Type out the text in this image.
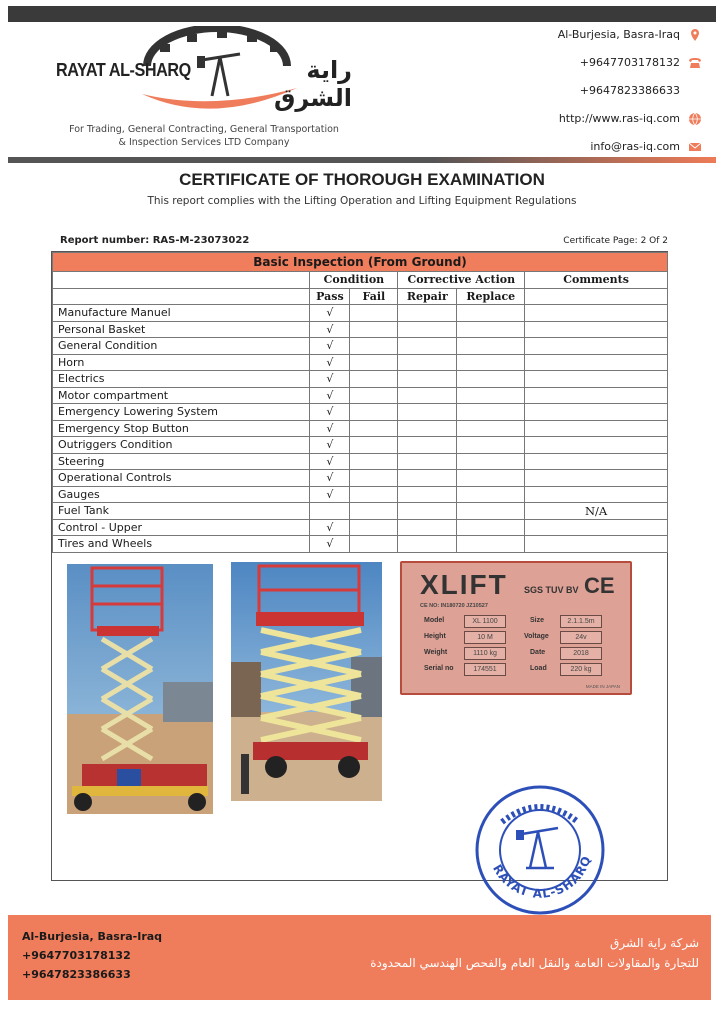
RAYAT AL-SHARQ	راية الشرق
For Trading, General Contracting, General Transportation
& Inspection Services LTD Company
Al-Burjesia, Basra-Iraq
+9647703178132
+9647823386633
http://www.ras-iq.com
info@ras-iq.com
CERTIFICATE OF THOROUGH EXAMINATION
This report complies with the Lifting Operation and Lifting Equipment Regulations
Report number: RAS-M-23073022	Certificate Page: 2 Of 2
Basic Inspection (From Ground)					
	Condition		Corrective Action		Comments
	Pass	Fail	Repair	Replace	
Manufacture Manuel	√				
Personal Basket	√				
General Condition	√				
Horn	√				
Electrics	√				
Motor compartment	√				
Emergency Lowering System	√				
Emergency Stop Button	√				
Outriggers Condition	√				
Steering	√				
Operational Controls	√				
Gauges	√				
Fuel Tank					N/A
Control - Upper	√				
Tires and Wheels	√				
XLIFT SGS TUV BV CE
CE NO: IN180720 JZ10527
Model	XL 1100	Size	2.1.1.5m
Height	10 M	Voltage	24v
Weight	1110 kg	Date	2018
Serial no	174551	Load	220 kg
MADE IN JAPAN
RAYAT AL-SHARQ
Al-Burjesia, Basra-Iraq
+9647703178132
+9647823386633
شركة راية الشرق
للتجارة والمقاولات العامة والنقل العام والفحص الهندسي المحدودة
